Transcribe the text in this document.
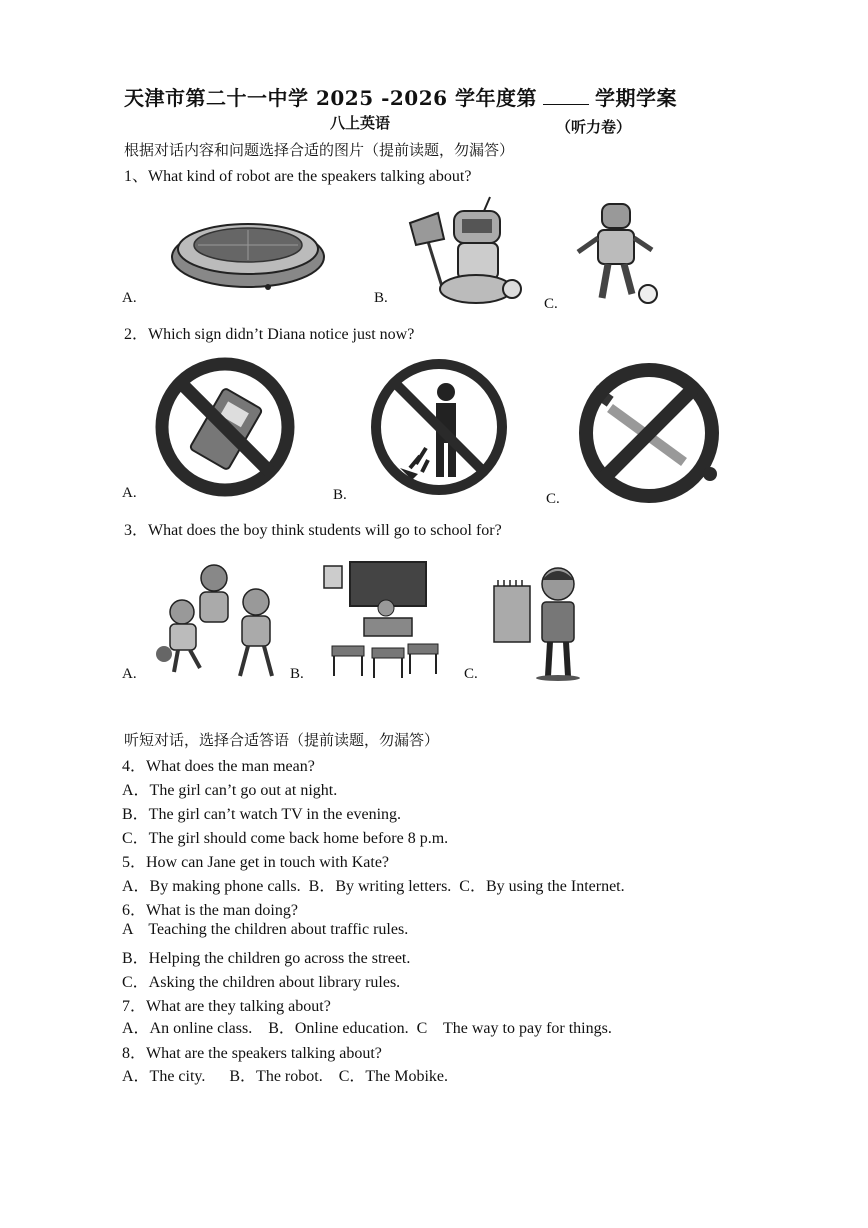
天津市第二十一中学 2025 -2026 学年度第	学期学案
八上英语	（听力卷）
根据对话内容和问题选择合适的图片（提前读题，勿漏答）
1、What kind of robot are the speakers talking about?
A.	B.	C.
2．Which sign didn’t Diana notice just now?
A.	B.	C.
3．What does the boy think students will go to school for?
A.	B.	C.
听短对话，选择合适答语（提前读题，勿漏答）
4．What does the man mean?
A．The girl can’t go out at night.
B．The girl can’t watch TV in the evening.
C．The girl should come back home before 8 p.m.
5．How can Jane get in touch with Kate?
A．By making phone calls.  B．By writing letters.  C．By using the Internet.
6．What is the man doing?
A    Teaching the children about traffic rules.
B．Helping the children go across the street.
C．Asking the children about library rules.
7．What are they talking about?
A．An online class.    B．Online education.  C    The way to pay for things.
8．What are the speakers talking about?
A．The city.      B．The robot.    C．The Mobike.
